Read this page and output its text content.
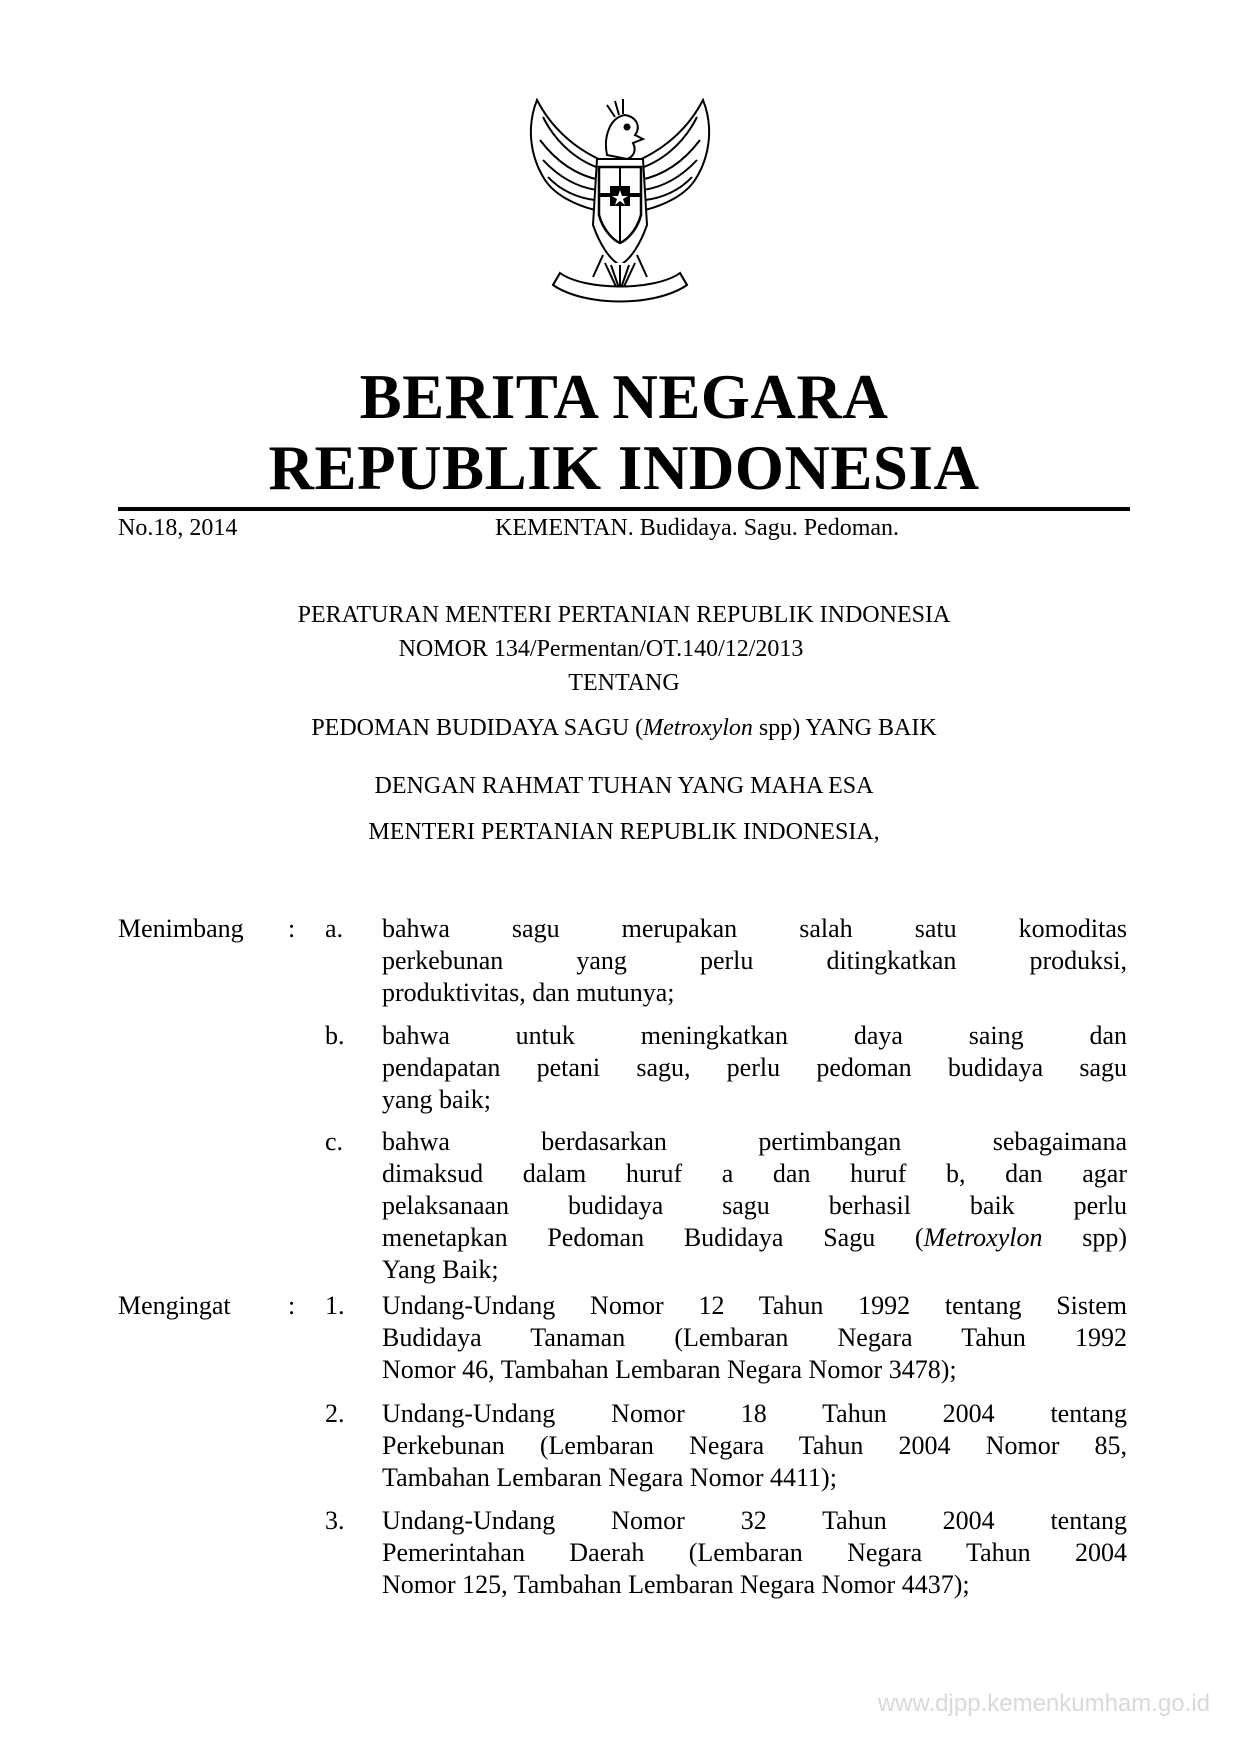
BERITA NEGARA
REPUBLIK INDONESIA
No.18, 2014	KEMENTAN. Budidaya. Sagu. Pedoman.
PERATURAN MENTERI PERTANIAN REPUBLIK INDONESIA
NOMOR 134/Permentan/OT.140/12/2013
TENTANG
PEDOMAN BUDIDAYA SAGU (Metroxylon spp) YANG BAIK
DENGAN RAHMAT TUHAN YANG MAHA ESA
MENTERI PERTANIAN REPUBLIK INDONESIA,
Menimbang : a. bahwa sagu merupakan salah satu komoditas
perkebunan yang perlu ditingkatkan produksi,
produktivitas, dan mutunya;
b. bahwa untuk meningkatkan daya saing dan
pendapatan petani sagu, perlu pedoman budidaya sagu
yang baik;
c. bahwa berdasarkan pertimbangan sebagaimana
dimaksud dalam huruf a dan huruf b, dan agar
pelaksanaan budidaya sagu berhasil baik perlu
menetapkan Pedoman Budidaya Sagu (Metroxylon spp)
Yang Baik;
Mengingat : 1. Undang-Undang Nomor 12 Tahun 1992 tentang Sistem
Budidaya Tanaman (Lembaran Negara Tahun 1992
Nomor 46, Tambahan Lembaran Negara Nomor 3478);
2. Undang-Undang Nomor 18 Tahun 2004 tentang
Perkebunan (Lembaran Negara Tahun 2004 Nomor 85,
Tambahan Lembaran Negara Nomor 4411);
3. Undang-Undang Nomor 32 Tahun 2004 tentang
Pemerintahan Daerah (Lembaran Negara Tahun 2004
Nomor 125, Tambahan Lembaran Negara Nomor 4437);
www.djpp.kemenkumham.go.id
